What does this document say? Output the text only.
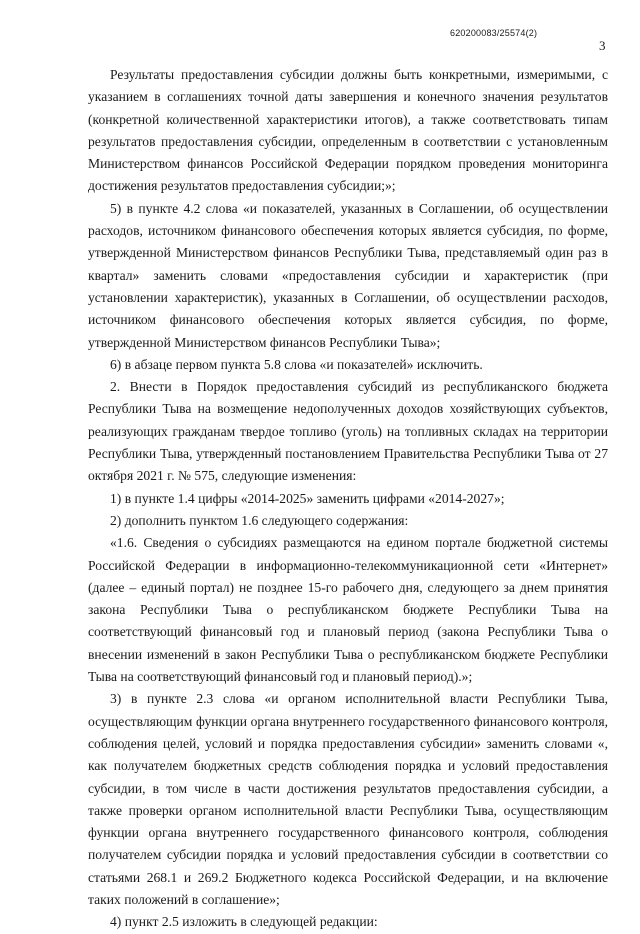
620200083/25574(2)
3

Результаты предоставления субсидии должны быть конкретными, измеримыми, с указанием в соглашениях точной даты завершения и конечного значения результатов (конкретной количественной характеристики итогов), а также соответствовать типам результатов предоставления субсидии, определенным в соответствии с установленным Министерством финансов Российской Федерации порядком проведения мониторинга достижения результатов предоставления субсидии;»;

5) в пункте 4.2 слова «и показателей, указанных в Соглашении, об осуществлении расходов, источником финансового обеспечения которых является субсидия, по форме, утвержденной Министерством финансов Республики Тыва, представляемый один раз в квартал» заменить словами «предоставления субсидии и характеристик (при установлении характеристик), указанных в Соглашении, об осуществлении расходов, источником финансового обеспечения которых является субсидия, по форме, утвержденной Министерством финансов Республики Тыва»;

6) в абзаце первом пункта 5.8 слова «и показателей» исключить.

2. Внести в Порядок предоставления субсидий из республиканского бюджета Республики Тыва на возмещение недополученных доходов хозяйствующих субъектов, реализующих гражданам твердое топливо (уголь) на топливных складах на территории Республики Тыва, утвержденный постановлением Правительства Республики Тыва от 27 октября 2021 г. № 575, следующие изменения:

1) в пункте 1.4 цифры «2014-2025» заменить цифрами «2014-2027»;

2) дополнить пунктом 1.6 следующего содержания:

«1.6. Сведения о субсидиях размещаются на едином портале бюджетной системы Российской Федерации в информационно-телекоммуникационной сети «Интернет» (далее – единый портал) не позднее 15-го рабочего дня, следующего за днем принятия закона Республики Тыва о республиканском бюджете Республики Тыва на соответствующий финансовый год и плановый период (закона Республики Тыва о внесении изменений в закон Республики Тыва о республиканском бюджете Республики Тыва на соответствующий финансовый год и плановый период).»;

3) в пункте 2.3 слова «и органом исполнительной власти Республики Тыва, осуществляющим функции органа внутреннего государственного финансового контроля, соблюдения целей, условий и порядка предоставления субсидии» заменить словами «, как получателем бюджетных средств соблюдения порядка и условий предоставления субсидии, в том числе в части достижения результатов предоставления субсидии, а также проверки органом исполнительной власти Республики Тыва, осуществляющим функции органа внутреннего государственного финансового контроля, соблюдения получателем субсидии порядка и условий предоставления субсидии в соответствии со статьями 268.1 и 269.2 Бюджетного кодекса Российской Федерации, и на включение таких положений в соглашение»;

4) пункт 2.5 изложить в следующей редакции:
